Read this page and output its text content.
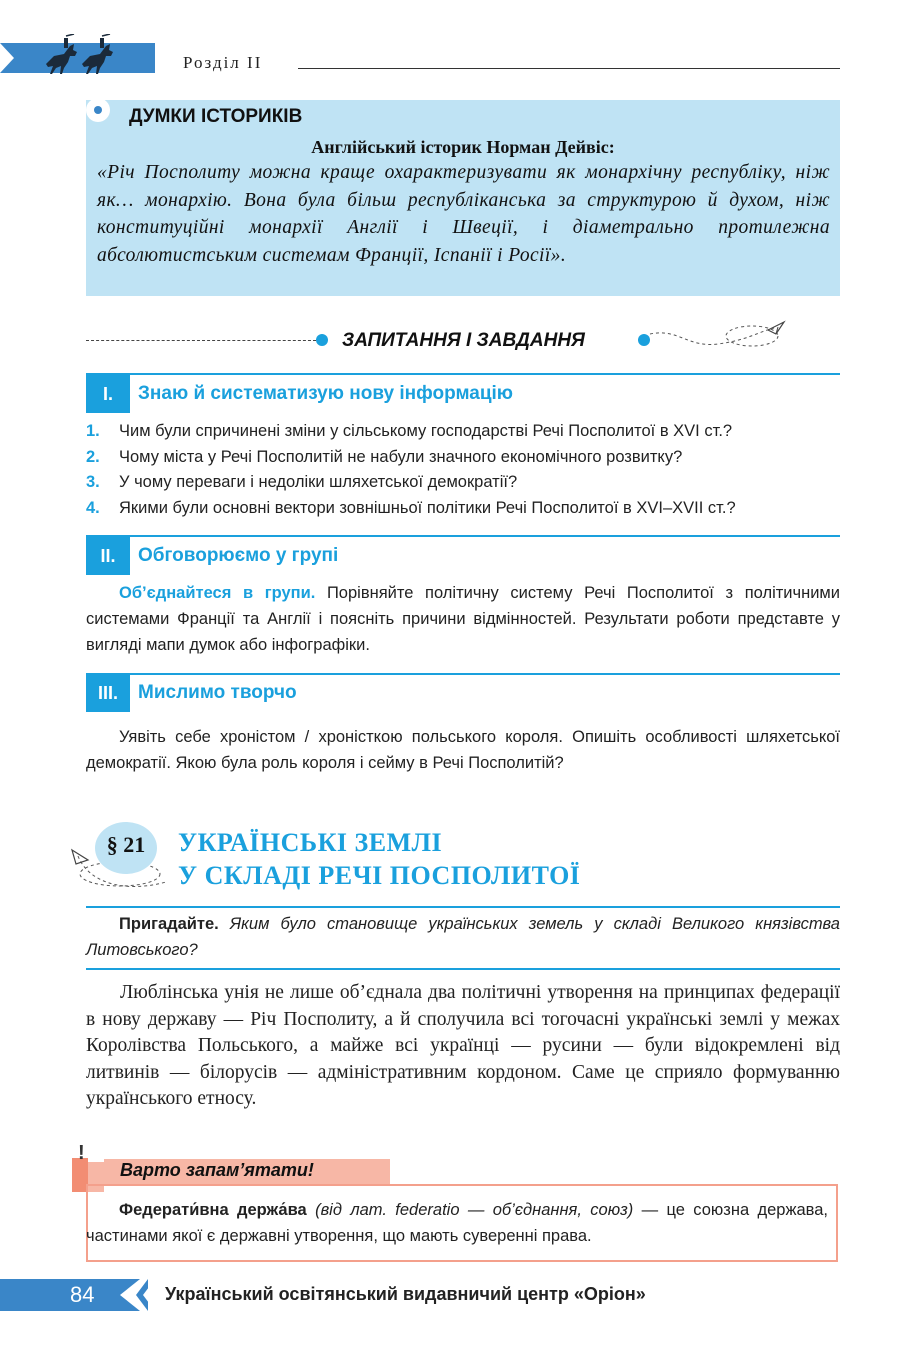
Розділ ІІ
ДУМКИ ІСТОРИКІВ
Англійський історик Норман Дейвіс:
«Річ Посполиту можна краще охарактеризувати як монархічну республіку, ніж як… монархію. Вона була більш республіканська за структурою й духом, ніж конституційні монархії Англії і Швеції, і діаметрально протилежна абсолютистським системам Франції, Іспанії і Росії».
ЗАПИТАННЯ І ЗАВДАННЯ
I.	Знаю й систематизую нову інформацію
1. Чим були спричинені зміни у сільському господарстві Речі Посполитої в XVI ст.?
2. Чому міста у Речі Посполитій не набули значного економічного розвитку?
3. У чому переваги і недоліки шляхетської демократії?
4. Якими були основні вектори зовнішньої політики Речі Посполитої в XVI–XVII ст.?
II.	Обговорюємо у групі
Об’єднайтеся в групи. Порівняйте політичну систему Речі Посполитої з політичними системами Франції та Англії і поясніть причини відмінностей. Результати роботи представте у вигляді мапи думок або інфографіки.
III.	Мислимо творчо
Уявіть себе хроністом / хроністкою польського короля. Опишіть особливості шляхетської демократії. Якою була роль короля і сейму в Речі Посполитій?
§ 21	УКРАЇНСЬКІ ЗЕМЛІ
У СКЛАДІ РЕЧІ ПОСПОЛИТОЇ
Пригадайте. Яким було становище українських земель у складі Великого князівства Литовського?
Люблінська унія не лише об’єднала два політичні утворення на принципах федерації в нову державу — Річ Посполиту, а й сполучила всі тогочасні українські землі у межах Королівства Польського, а майже всі українці — русини — були відокремлені від литвинів — білорусів — адміністративним кордоном. Саме це сприяло формуванню українського етносу.
!
Варто запам’ятати!
Федерати́вна держа́ва (від лат. federatio — об’єднання, союз) — це союзна держава, частинами якої є державні утворення, що мають суверенні права.
84	Український освітянський видавничий центр «Оріон»
